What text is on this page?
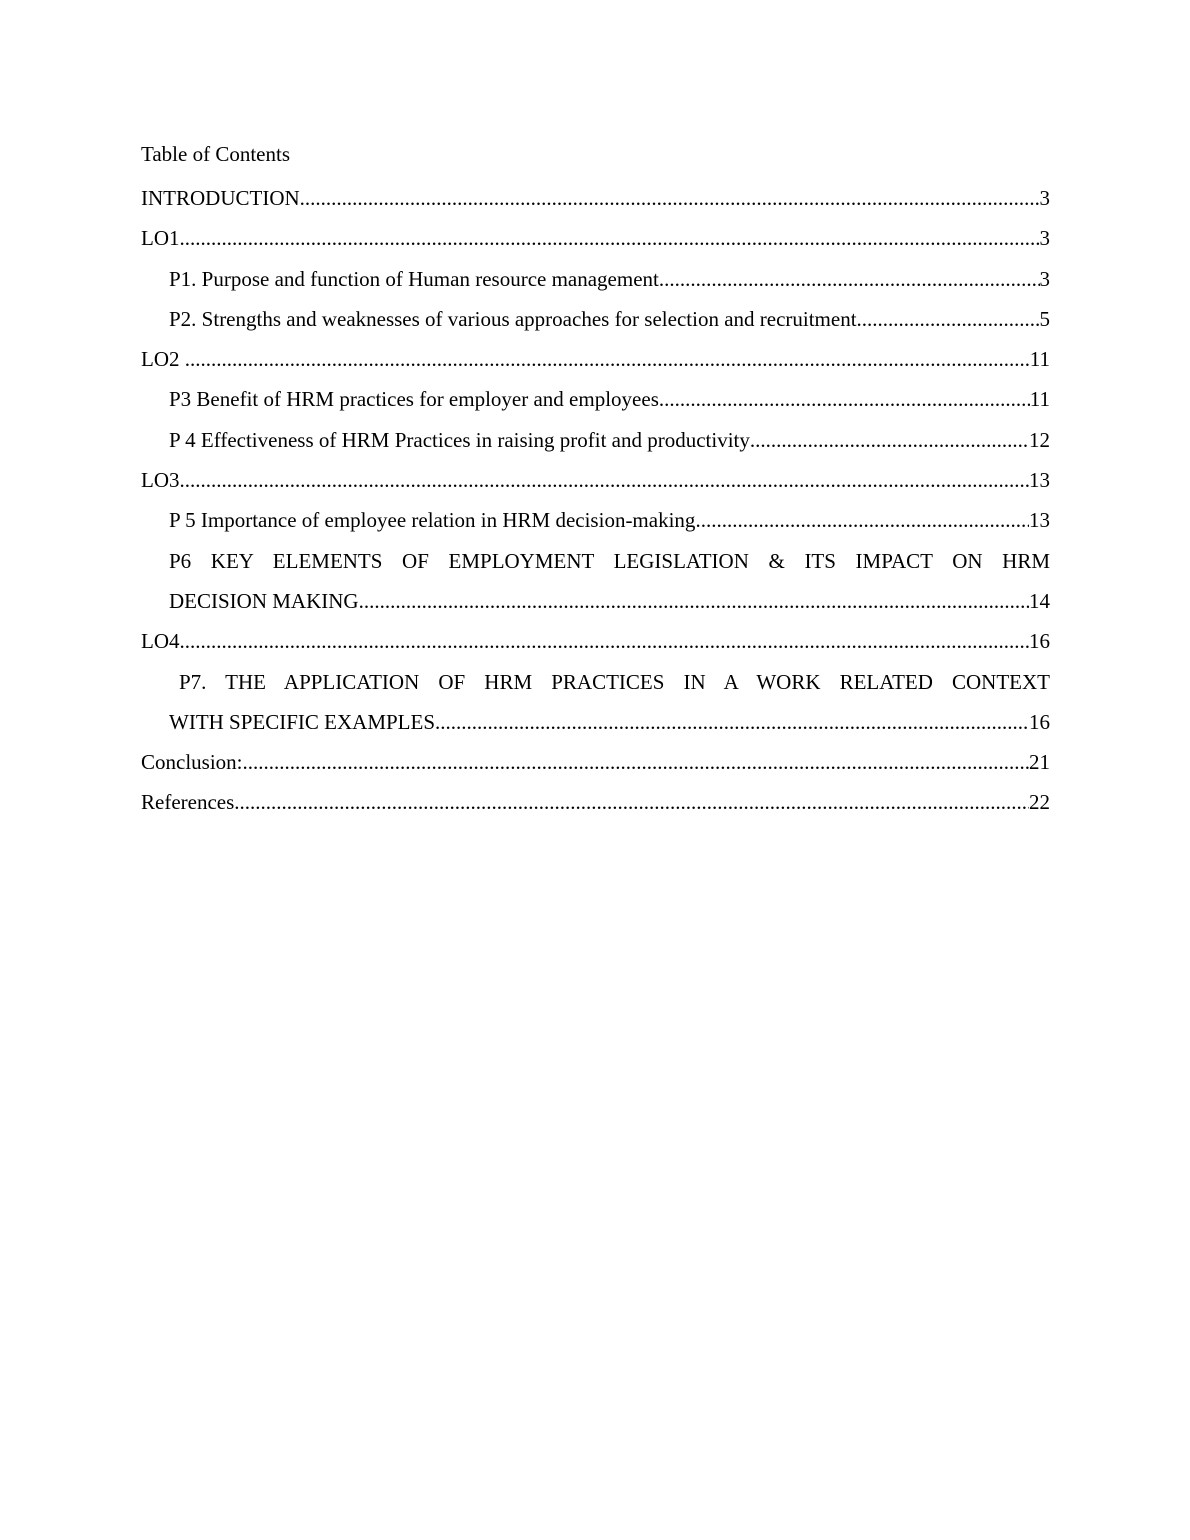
Table of Contents
INTRODUCTION .....	3
LO1 .....	3
P1. Purpose and function of Human resource management .....	3
P2. Strengths and weaknesses of various approaches for selection and recruitment .....	5
LO2 .....	11
P3 Benefit of HRM practices for employer and employees .....	11
P 4 Effectiveness of HRM Practices in raising profit and productivity .....	12
LO3 .....	13
P 5 Importance of employee relation in HRM decision-making .....	13
P6 KEY ELEMENTS OF EMPLOYMENT LEGISLATION & ITS IMPACT ON HRM
DECISION MAKING .....	14
LO4 .....	16
P7. THE APPLICATION OF HRM PRACTICES IN A WORK RELATED CONTEXT
WITH SPECIFIC EXAMPLES .....	16
Conclusion: .....	21
References .....	22
